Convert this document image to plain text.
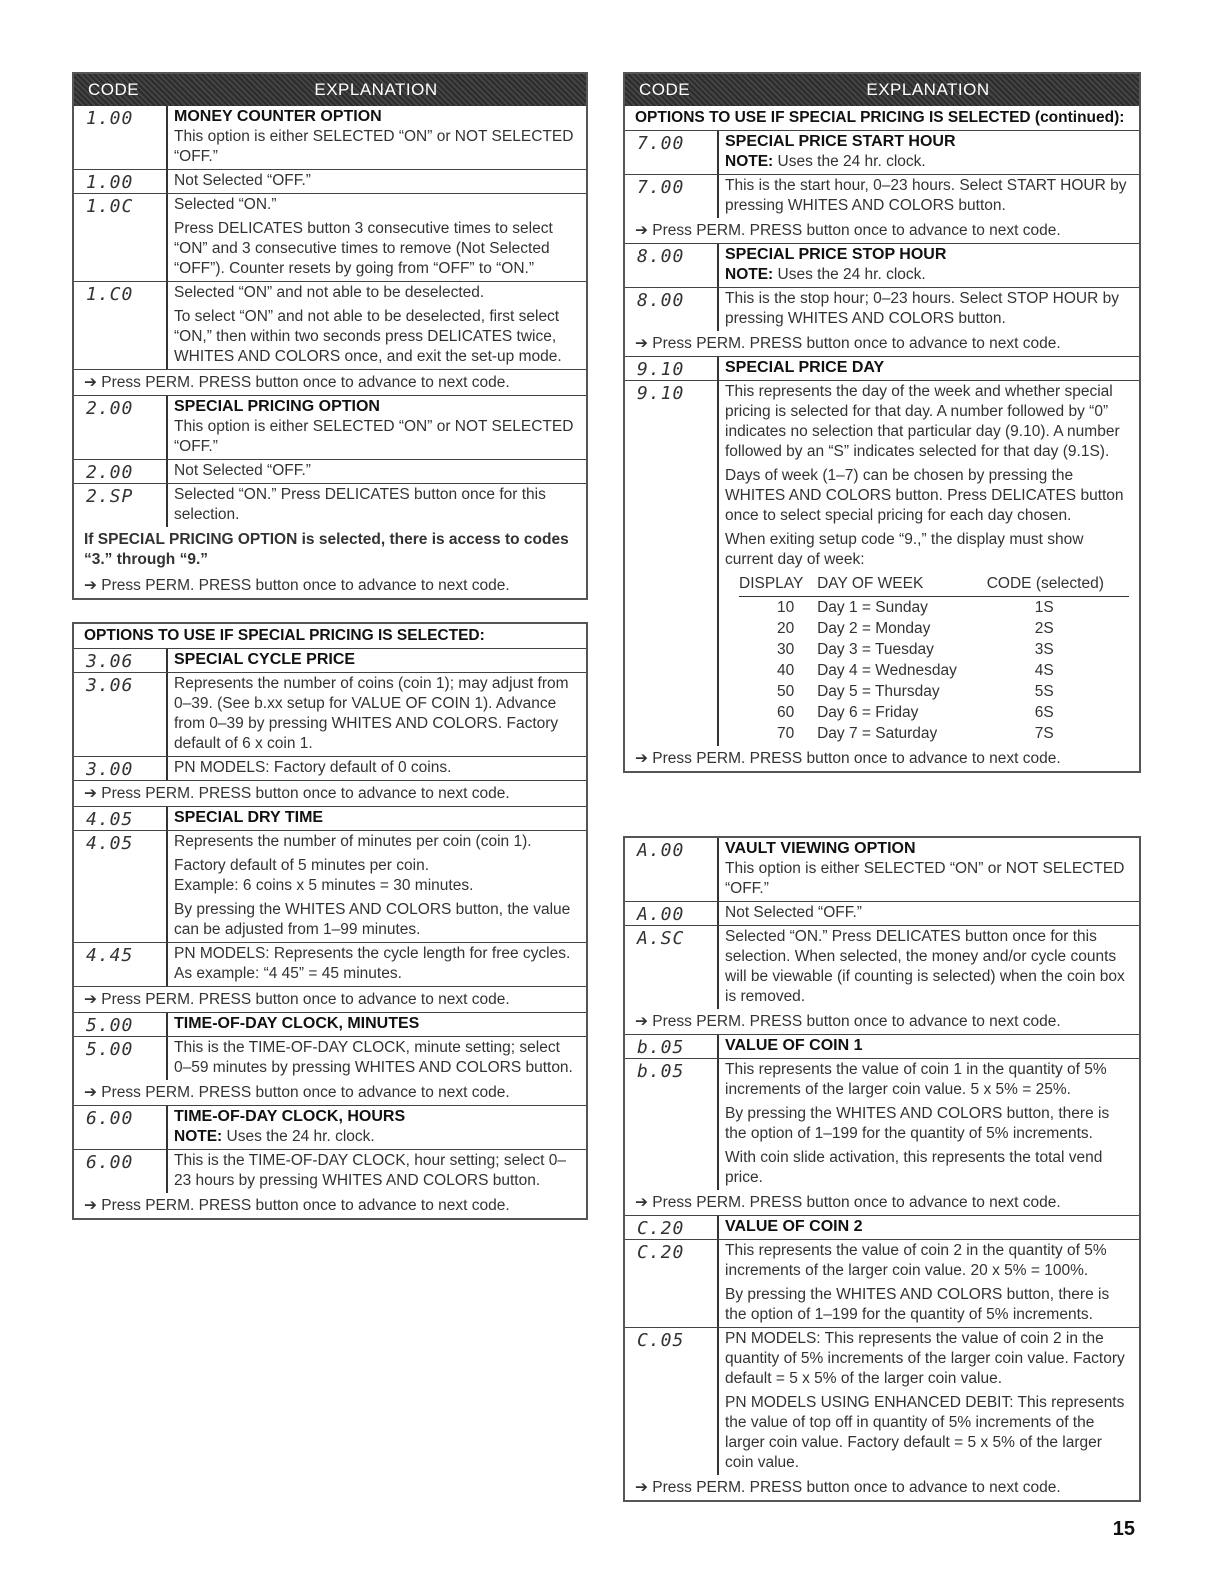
CODE	EXPLANATION
1.00	MONEY COUNTER OPTION
This option is either SELECTED “ON” or NOT SELECTED “OFF.”
1.00	Not Selected “OFF.”
1.0C	Selected “ON.”

Press DELICATES button 3 consecutive times to select “ON” and 3 consecutive times to remove (Not Selected “OFF”). Counter resets by going from “OFF” to “ON.”

1.C0	Selected “ON” and not able to be deselected.

To select “ON” and not able to be deselected, first select “ON,” then within two seconds press DELICATES twice, WHITES AND COLORS once, and exit the set-up mode.

➔ Press PERM. PRESS button once to advance to next code.
2.00	SPECIAL PRICING OPTION
This option is either SELECTED “ON” or NOT SELECTED “OFF.”
2.00	Not Selected “OFF.”
2.SP	Selected “ON.” Press DELICATES button once for this selection.
If SPECIAL PRICING OPTION is selected, there is access to codes “3.” through “9.”
➔ Press PERM. PRESS button once to advance to next code.
OPTIONS TO USE IF SPECIAL PRICING IS SELECTED:
3.06	SPECIAL CYCLE PRICE
3.06	Represents the number of coins (coin 1); may adjust from 0–39. (See b.xx setup for VALUE OF COIN 1). Advance from 0–39 by pressing WHITES AND COLORS. Factory default of 6 x coin 1.
3.00	PN MODELS: Factory default of 0 coins.
➔ Press PERM. PRESS button once to advance to next code.
4.05	SPECIAL DRY TIME
4.05	Represents the number of minutes per coin (coin 1).

Factory default of 5 minutes per coin.

Example: 6 coins x 5 minutes = 30 minutes.

By pressing the WHITES AND COLORS button, the value can be adjusted from 1–99 minutes.

4.45	PN MODELS: Represents the cycle length for free cycles.

As example: “4 45” = 45 minutes.

➔ Press PERM. PRESS button once to advance to next code.
5.00	TIME-OF-DAY CLOCK, MINUTES
5.00	This is the TIME-OF-DAY CLOCK, minute setting; select 0–59 minutes by pressing WHITES AND COLORS button.
➔ Press PERM. PRESS button once to advance to next code.
6.00	TIME-OF-DAY CLOCK, HOURS
NOTE: Uses the 24 hr. clock.
6.00	This is the TIME-OF-DAY CLOCK, hour setting; select 0–23 hours by pressing WHITES AND COLORS button.
➔ Press PERM. PRESS button once to advance to next code.
CODE	EXPLANATION
OPTIONS TO USE IF SPECIAL PRICING IS SELECTED (continued):
7.00	SPECIAL PRICE START HOUR
NOTE: Uses the 24 hr. clock.
7.00	This is the start hour, 0–23 hours. Select START HOUR by pressing WHITES AND COLORS button.
➔ Press PERM. PRESS button once to advance to next code.
8.00	SPECIAL PRICE STOP HOUR
NOTE: Uses the 24 hr. clock.
8.00	This is the stop hour; 0–23 hours. Select STOP HOUR by pressing WHITES AND COLORS button.
➔ Press PERM. PRESS button once to advance to next code.
9.10	SPECIAL PRICE DAY
9.10	This represents the day of the week and whether special pricing is selected for that day. A number followed by “0” indicates no selection that particular day (9.10). A number followed by an “S” indicates selected for that day (9.1S).

Days of week (1–7) can be chosen by pressing the WHITES AND COLORS button. Press DELICATES button once to select special pricing for each day chosen.

When exiting setup code “9.,” the display must show current day of week:

DISPLAY	DAY OF WEEK	CODE (selected)
10	Day 1 = Sunday	1S
20	Day 2 = Monday	2S
30	Day 3 = Tuesday	3S
40	Day 4 = Wednesday	4S
50	Day 5 = Thursday	5S
60	Day 6 = Friday	6S
70	Day 7 = Saturday	7S
➔ Press PERM. PRESS button once to advance to next code.
A.00	VAULT VIEWING OPTION
This option is either SELECTED “ON” or NOT SELECTED “OFF.”
A.00	Not Selected “OFF.”
A.SC	Selected “ON.” Press DELICATES button once for this selection. When selected, the money and/or cycle counts will be viewable (if counting is selected) when the coin box is removed.
➔ Press PERM. PRESS button once to advance to next code.
b.05	VALUE OF COIN 1
b.05	This represents the value of coin 1 in the quantity of 5% increments of the larger coin value. 5 x 5% = 25%.

By pressing the WHITES AND COLORS button, there is the option of 1–199 for the quantity of 5% increments.

With coin slide activation, this represents the total vend price.

➔ Press PERM. PRESS button once to advance to next code.
C.20	VALUE OF COIN 2
C.20	This represents the value of coin 2 in the quantity of 5% increments of the larger coin value. 20 x 5% = 100%.

By pressing the WHITES AND COLORS button, there is the option of 1–199 for the quantity of 5% increments.

C.05	PN MODELS: This represents the value of coin 2 in the quantity of 5% increments of the larger coin value. Factory default = 5 x 5% of the larger coin value.

PN MODELS USING ENHANCED DEBIT: This represents the value of top off in quantity of 5% increments of the larger coin value. Factory default = 5 x 5% of the larger coin value.

➔ Press PERM. PRESS button once to advance to next code.
15
